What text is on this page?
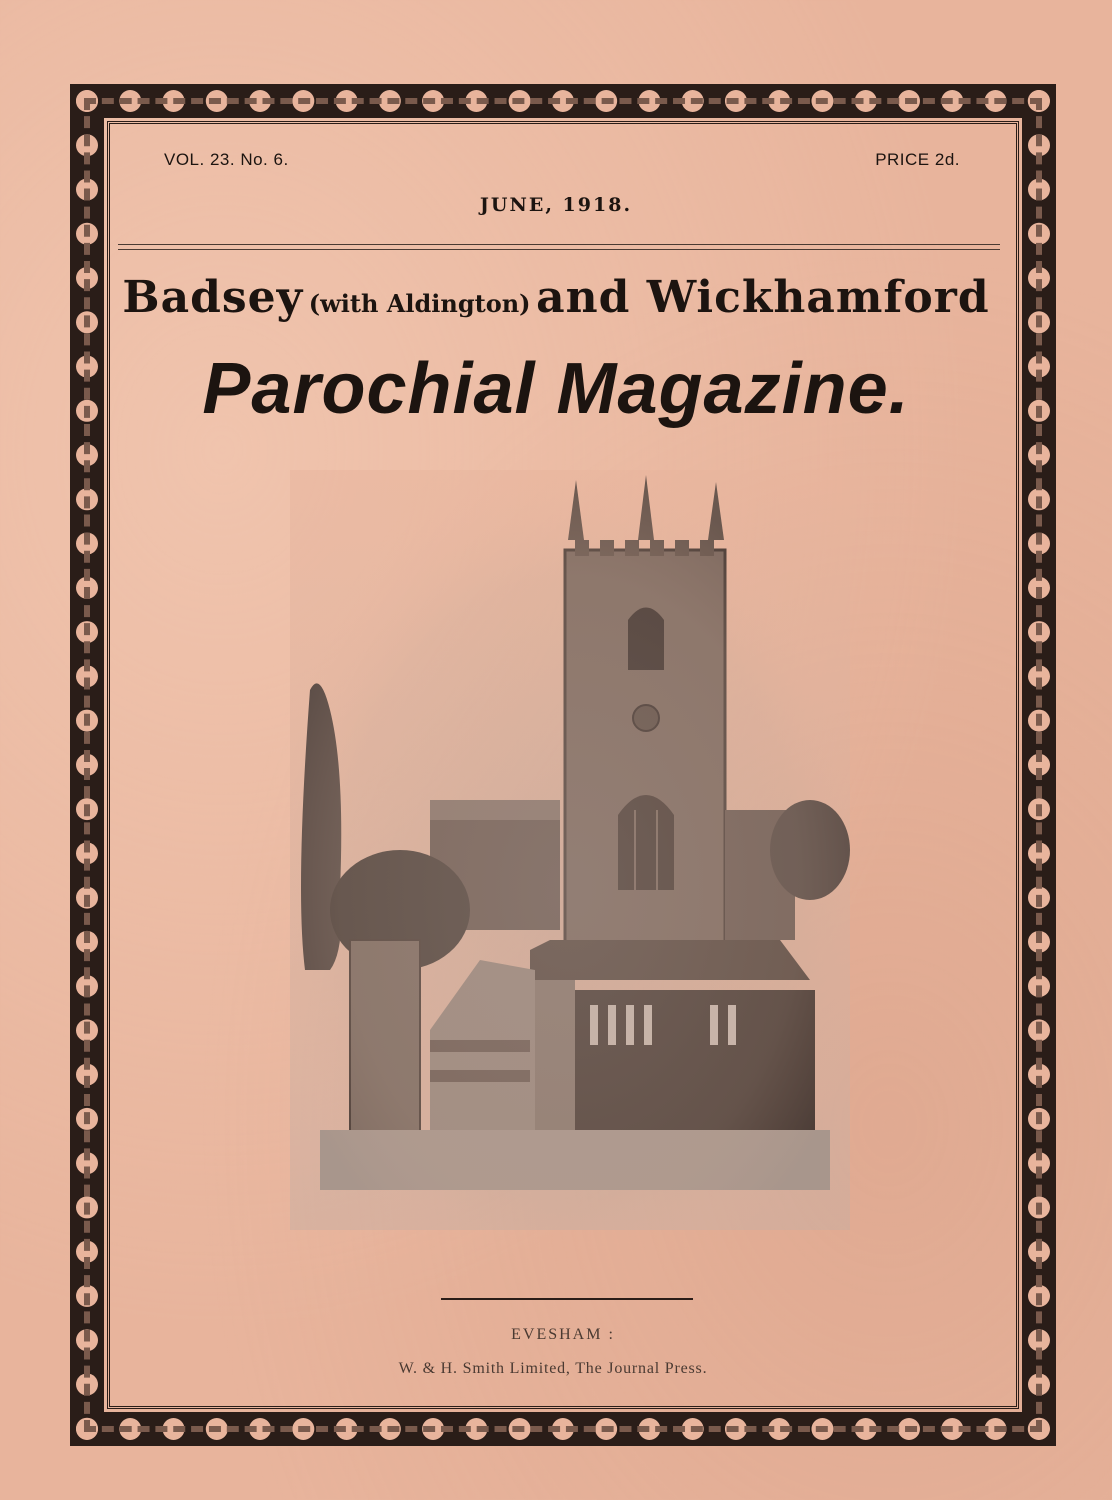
VOL. 23. No. 6.	PRICE 2d.
JUNE, 1918.
Badsey (with Aldington) and Wickhamford
Parochial Magazine.
EVESHAM :
W. & H. Smith Limited, The Journal Press.
